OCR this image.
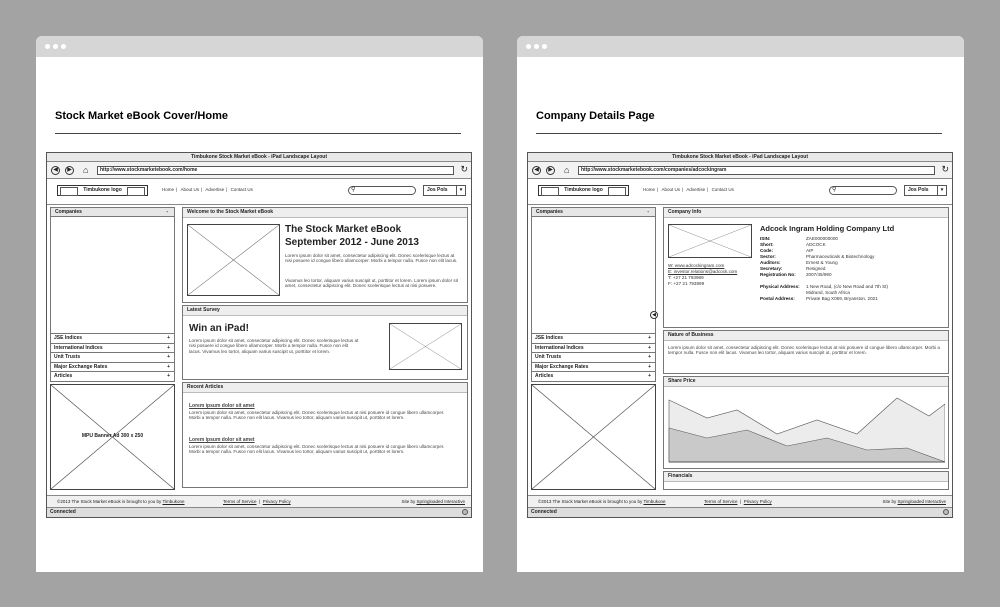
Stock Market eBook Cover/Home
Timbukone Stock Market eBook - iPad Landscape Layout
◀	▶ ⌂	http://www.stockmarketebook.com/home	↻
Timbukone logo	Home | About Us | Advertise | Contact Us	⚲	Jos Pols	▾
Companies	-
JSE Indices	+
International Indices	+
Unit Trusts	+
Major Exchange Rates	+
Articles	+
MPU Banner Ad 300 x 250
Welcome to the Stock Market eBook
The Stock Market eBook
September 2012 - June 2013
Lorem ipsum dolor sit amet, consectetur adipiscing elit. Donec scelerisque lectus at nisi posuere id congue libero ullamcorper. Morbi a tempor nulla. Fusce non elit lacus.
Vivamus leo tortor, aliquam varius suscipit ut, porttitor et lorem. Lorem ipsum dolor sit amet, consectetur adipiscing elit. Donec scelerisque lectus at nisi posuere.
Latest Survey
Win an iPad!
Lorem ipsum dolor sit amet, consectetur adipiscing elit. Donec scelerisque lectus at nisi posuere id congue libero ullamcorper. Morbi a tempor nulla. Fusce non elit lacus. Vivamus leo tortor, aliquam varius suscipit ut, porttitor et lorem.
Recent Articles
Lorem ipsum dolor sit amet
Lorem ipsum dolor sit amet, consectetur adipiscing elit. Donec scelerisque lectus at nisi posuere id congue libero ullamcorper. Morbi a tempor nulla. Fusce non elit lacus. Vivamus leo tortor, aliquam varius suscipit ut, porttitor et lorem.
Lorem ipsum dolor sit amet
Lorem ipsum dolor sit amet, consectetur adipiscing elit. Donec scelerisque lectus at nisi posuere id congue libero ullamcorper. Morbi a tempor nulla. Fusce non elit lacus. Vivamus leo tortor, aliquam varius suscipit ut, porttitor et lorem.
©2013 The Stock Market eBook is brought to you by Timbukone	Terms of Service  |  Privacy Policy	Site by Springloaded Interactive
Connected
Company Details Page
Timbukone Stock Market eBook - iPad Landscape Layout
◀	▶ ⌂	http://www.stockmarketebook.com/companies/adcockingram	↻
Timbukone logo	Home | About Us | Advertise | Contact Us	⚲	Jos Pols	▾
Companies	-
JSE Indices	+
International Indices	+
Unit Trusts	+
Major Exchange Rates	+
Articles	+
◀
Company Info
W: www.adcockingram.com
E: investor.relations@adcock.com
T: +27 21 793989
F: +27 21 793899
Adcock Ingram Holding Company Ltd
ISIN:	ZAE000000000
Short:	ADCOCK
Code:	AIP
Sector:	Pharmaceuticals & Biotechnology
Auditors:	Ernest & Young
Secretary:	Resigned
Registration No: 2007/45/990
Physical Address: 1 New Road, (c/o New Road and 7th St)
Midrand, South Africa
Postal Address: Private Bag X069, Bryanston, 2021
Nature of Business
Lorem ipsum dolor sit amet, consectetur adipiscing elit. Donec scelerisque lectus at nisi posuere id congue libero ullamcorper. Morbi a tempor nulla. Fusce non elit lacus. Vivamus leo tortor, aliquam varius suscipit ut, porttitor et lorem.
Share Price
Financials
©2013 The Stock Market eBook is brought to you by Timbukone	Terms of Service  |  Privacy Policy	Site by Springloaded Interactive
Connected
